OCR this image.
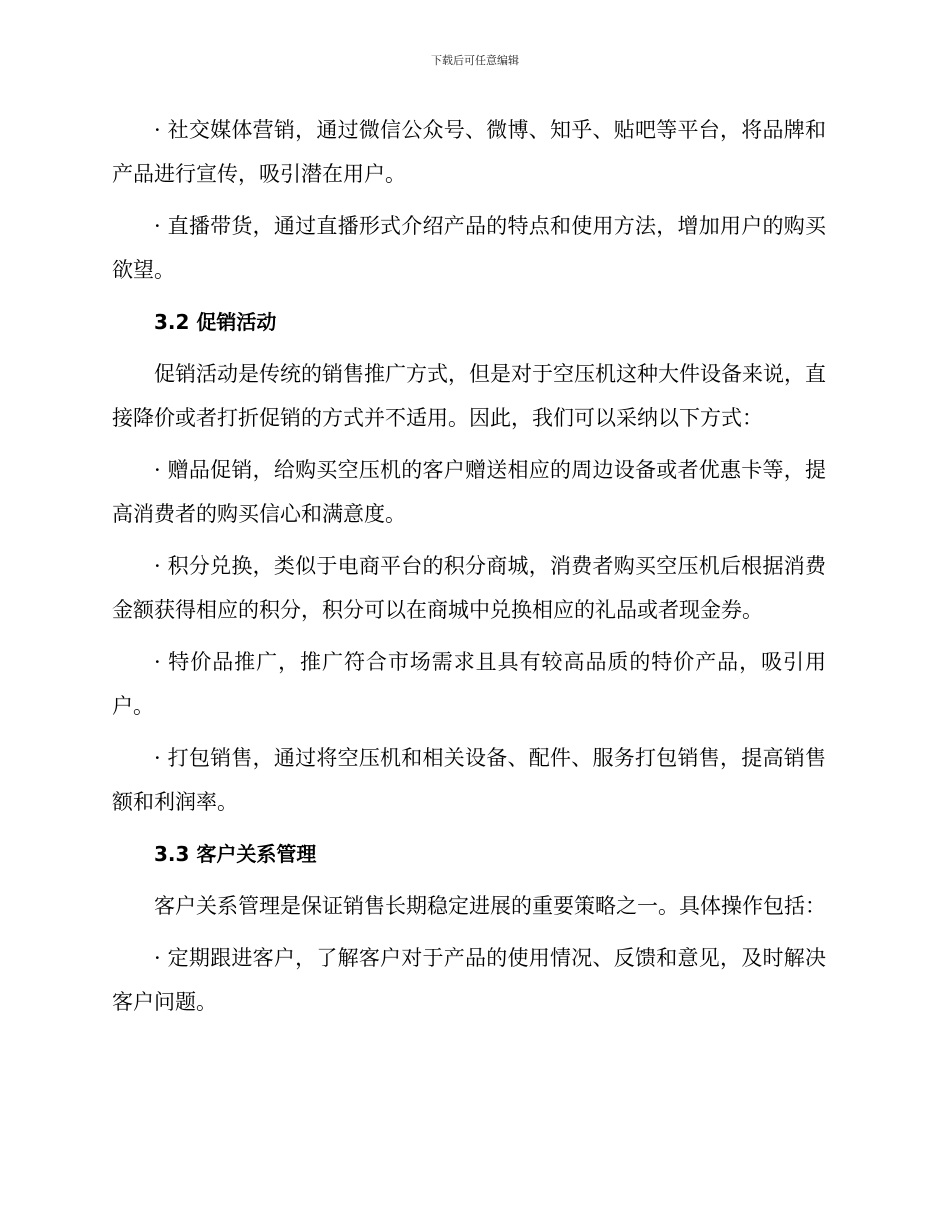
下载后可任意编辑

· 社交媒体营销，通过微信公众号、微博、知乎、贴吧等平台，将品牌和产品进行宣传，吸引潜在用户。

· 直播带货，通过直播形式介绍产品的特点和使用方法，增加用户的购买欲望。

3.2 促销活动

促销活动是传统的销售推广方式，但是对于空压机这种大件设备来说，直接降价或者打折促销的方式并不适用。因此，我们可以采纳以下方式：

· 赠品促销，给购买空压机的客户赠送相应的周边设备或者优惠卡等，提高消费者的购买信心和满意度。

· 积分兑换，类似于电商平台的积分商城，消费者购买空压机后根据消费金额获得相应的积分，积分可以在商城中兑换相应的礼品或者现金券。

· 特价品推广，推广符合市场需求且具有较高品质的特价产品，吸引用户。

· 打包销售，通过将空压机和相关设备、配件、服务打包销售，提高销售额和利润率。

3.3 客户关系管理

客户关系管理是保证销售长期稳定进展的重要策略之一。具体操作包括：

· 定期跟进客户，了解客户对于产品的使用情况、反馈和意见，及时解决客户问题。
